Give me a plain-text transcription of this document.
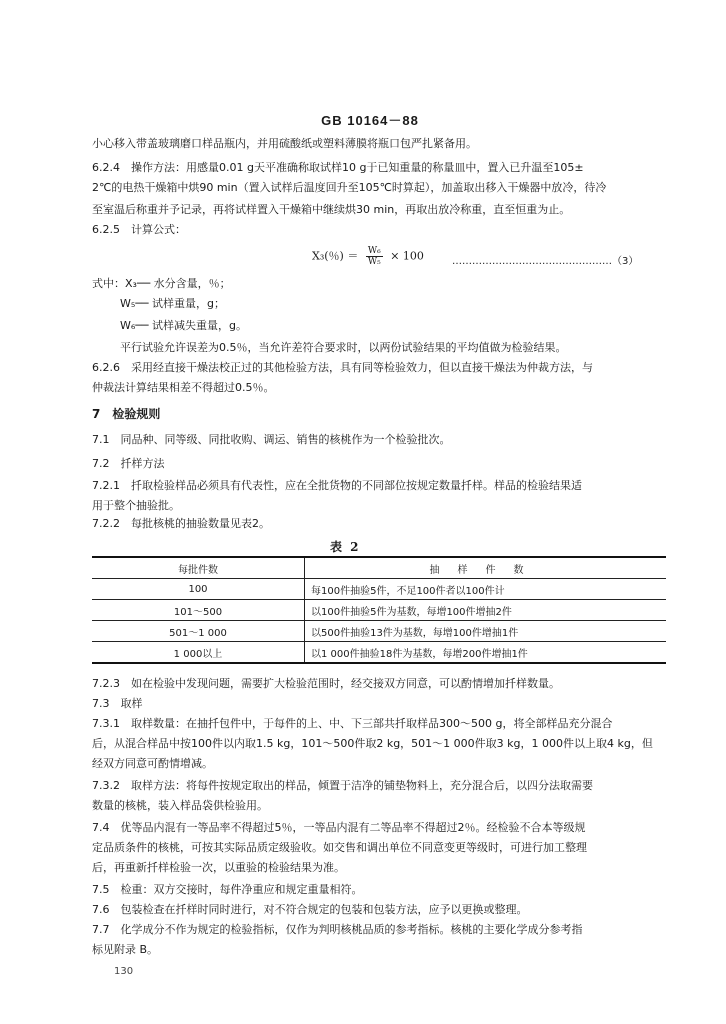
GB 10164－88
小心移入带盖玻璃磨口样品瓶内，并用硫酸纸或塑料薄膜将瓶口包严扎紧备用。
6.2.4　操作方法：用感量0.01 g天平准确称取试样10 g于已知重量的称量皿中，置入已升温至105±
2℃的电热干燥箱中烘90 min（置入试样后温度回升至105℃时算起），加盖取出移入干燥器中放冷，待冷
至室温后称重并予记录，再将试样置入干燥箱中继续烘30 min，再取出放冷称重，直至恒重为止。
6.2.5　计算公式：
X₃(％) ＝ $\frac{\text{W₆}}{\text{W₅}} \times 100$	…………………………………………（3）
式中：X₃── 水分含量，％；
W₅── 试样重量，g；
W₆── 试样减失重量，g。
平行试验允许误差为0.5％，当允许差符合要求时，以两份试验结果的平均值做为检验结果。
6.2.6　采用经直接干燥法校正过的其他检验方法，具有同等检验效力，但以直接干燥法为仲裁方法，与
仲裁法计算结果相差不得超过0.5％。
7　检验规则
7.1　同品种、同等级、同批收购、调运、销售的核桃作为一个检验批次。
7.2　扦样方法
7.2.1　扦取检验样品必须具有代表性，应在全批货物的不同部位按规定数量扦样。样品的检验结果适
用于整个抽验批。
7.2.2　每批核桃的抽验数量见表2。
表 2
每批件数	抽样件数
100	每100件抽验5件，不足100件者以100件计
101～500	以100件抽验5件为基数，每增100件增抽2件
501～1 000	以500件抽验13件为基数，每增100件增抽1件
1 000以上	以1 000件抽验18件为基数，每增200件增抽1件
7.2.3　如在检验中发现问题，需要扩大检验范围时，经交接双方同意，可以酌情增加扦样数量。
7.3　取样
7.3.1　取样数量：在抽扦包件中，于每件的上、中、下三部共扦取样品300～500 g，将全部样品充分混合
后，从混合样品中按100件以内取1.5 kg，101～500件取2 kg，501～1 000件取3 kg，1 000件以上取4 kg，但
经双方同意可酌情增减。
7.3.2　取样方法：将每件按规定取出的样品，倾置于洁净的铺垫物料上，充分混合后，以四分法取需要
数量的核桃，装入样品袋供检验用。
7.4　优等品内混有一等品率不得超过5％，一等品内混有二等品率不得超过2％。经检验不合本等级规
定品质条件的核桃，可按其实际品质定级验收。如交售和调出单位不同意变更等级时，可进行加工整理
后，再重新扦样检验一次，以重验的检验结果为准。
7.5　检重：双方交接时，每件净重应和规定重量相符。
7.6　包装检查在扦样时同时进行，对不符合规定的包装和包装方法，应予以更换或整理。
7.7　化学成分不作为规定的检验指标，仅作为判明核桃品质的参考指标。核桃的主要化学成分参考指
标见附录 B。
130
